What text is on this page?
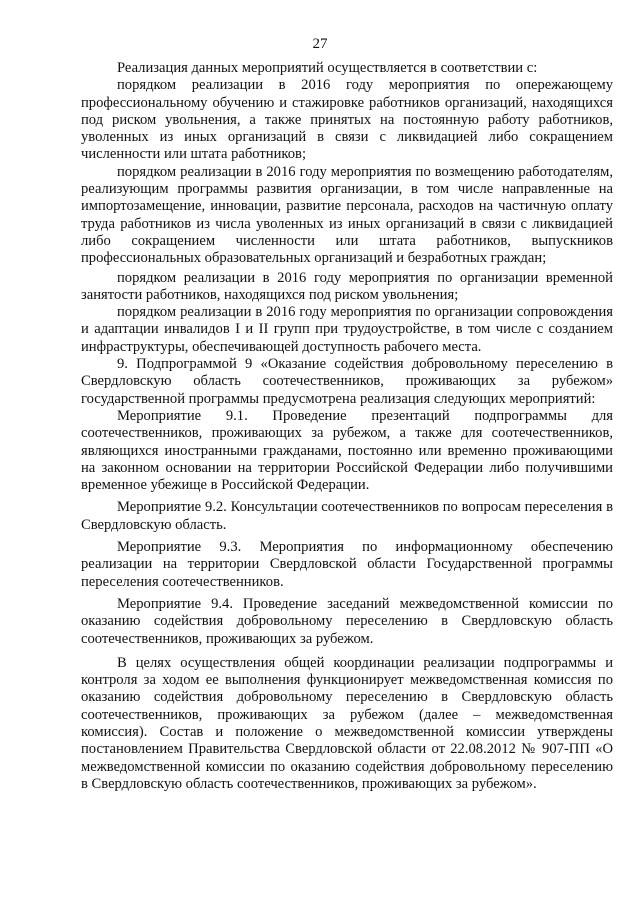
27

Реализация данных мероприятий осуществляется в соответствии с:

порядком реализации в 2016 году мероприятия по опережающему профессиональному обучению и стажировке работников организаций, находящихся под риском увольнения, а также принятых на постоянную работу работников, уволенных из иных организаций в связи с ликвидацией либо сокращением численности или штата работников;

порядком реализации в 2016 году мероприятия по возмещению работодателям, реализующим программы развития организации, в том числе направленные на импортозамещение, инновации, развитие персонала, расходов на частичную оплату труда работников из числа уволенных из иных организаций в связи с ликвидацией либо сокращением численности или штата работников, выпускников профессиональных образовательных организаций и безработных граждан;

порядком реализации в 2016 году мероприятия по организации временной занятости работников, находящихся под риском увольнения;

порядком реализации в 2016 году мероприятия по организации сопровождения и адаптации инвалидов I и II групп при трудоустройстве, в том числе с созданием инфраструктуры, обеспечивающей доступность рабочего места.

9. Подпрограммой 9 «Оказание содействия добровольному переселению в Свердловскую область соотечественников, проживающих за рубежом» государственной программы предусмотрена реализация следующих мероприятий:

Мероприятие 9.1. Проведение презентаций подпрограммы для соотечественников, проживающих за рубежом, а также для соотечественников, являющихся иностранными гражданами, постоянно или временно проживающими на законном основании на территории Российской Федерации либо получившими временное убежище в Российской Федерации.

Мероприятие 9.2. Консультации соотечественников по вопросам переселения в Свердловскую область.

Мероприятие 9.3. Мероприятия по информационному обеспечению реализации на территории Свердловской области Государственной программы переселения соотечественников.

Мероприятие 9.4. Проведение заседаний межведомственной комиссии по оказанию содействия добровольному переселению в Свердловскую область соотечественников, проживающих за рубежом.

В целях осуществления общей координации реализации подпрограммы и контроля за ходом ее выполнения функционирует межведомственная комиссия по оказанию содействия добровольному переселению в Свердловскую область соотечественников, проживающих за рубежом (далее – межведомственная комиссия). Состав и положение о межведомственной комиссии утверждены постановлением Правительства Свердловской области от 22.08.2012 № 907-ПП «О межведомственной комиссии по оказанию содействия добровольному переселению в Свердловскую область соотечественников, проживающих за рубежом».
